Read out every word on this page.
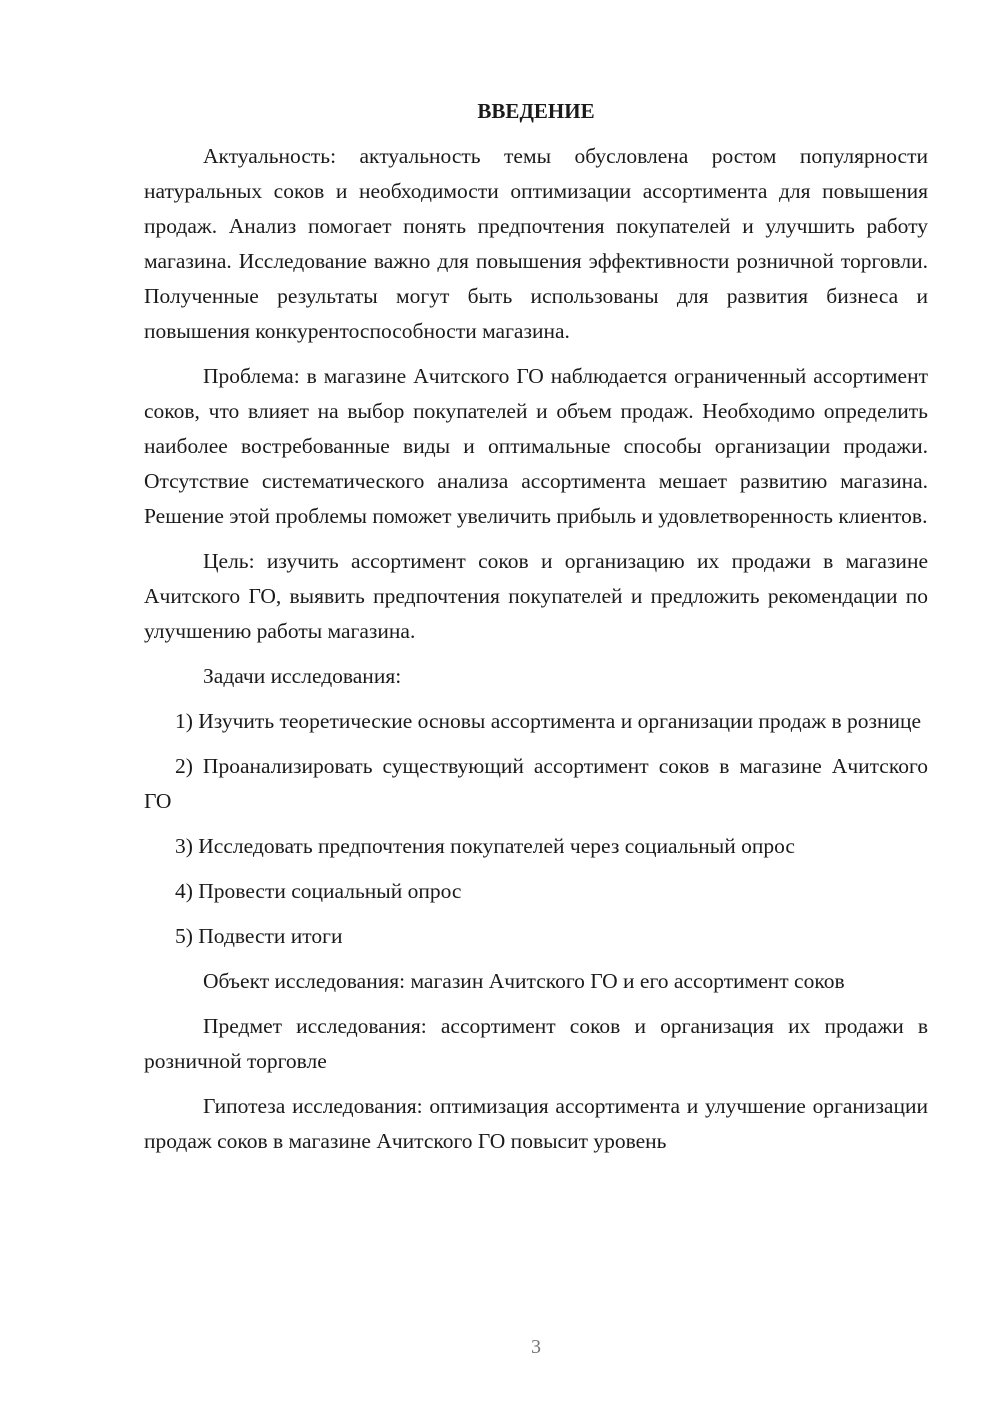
ВВЕДЕНИЕ

Актуальность: актуальность темы обусловлена ростом популярности натуральных соков и необходимости оптимизации ассортимента для повышения продаж. Анализ помогает понять предпочтения покупателей и улучшить работу магазина. Исследование важно для повышения эффективности розничной торговли. Полученные результаты могут быть использованы для развития бизнеса и повышения конкурентоспособности магазина.

Проблема: в магазине Ачитского ГО наблюдается ограниченный ассортимент соков, что влияет на выбор покупателей и объем продаж. Необходимо определить наиболее востребованные виды и оптимальные способы организации продажи. Отсутствие систематического анализа ассортимента мешает развитию магазина. Решение этой проблемы поможет увеличить прибыль и удовлетворенность клиентов.

Цель: изучить ассортимент соков и организацию их продажи в магазине Ачитского ГО, выявить предпочтения покупателей и предложить рекомендации по улучшению работы магазина.

Задачи исследования:

1) Изучить теоретические основы ассортимента и организации продаж в рознице

2) Проанализировать существующий ассортимент соков в магазине Ачитского ГО

3) Исследовать предпочтения покупателей через социальный опрос

4) Провести социальный опрос

5) Подвести итоги

Объект исследования: магазин Ачитского ГО и его ассортимент соков

Предмет исследования: ассортимент соков и организация их продажи в розничной торговле

Гипотеза исследования: оптимизация ассортимента и улучшение организации продаж соков в магазине Ачитского ГО повысит уровень

3
